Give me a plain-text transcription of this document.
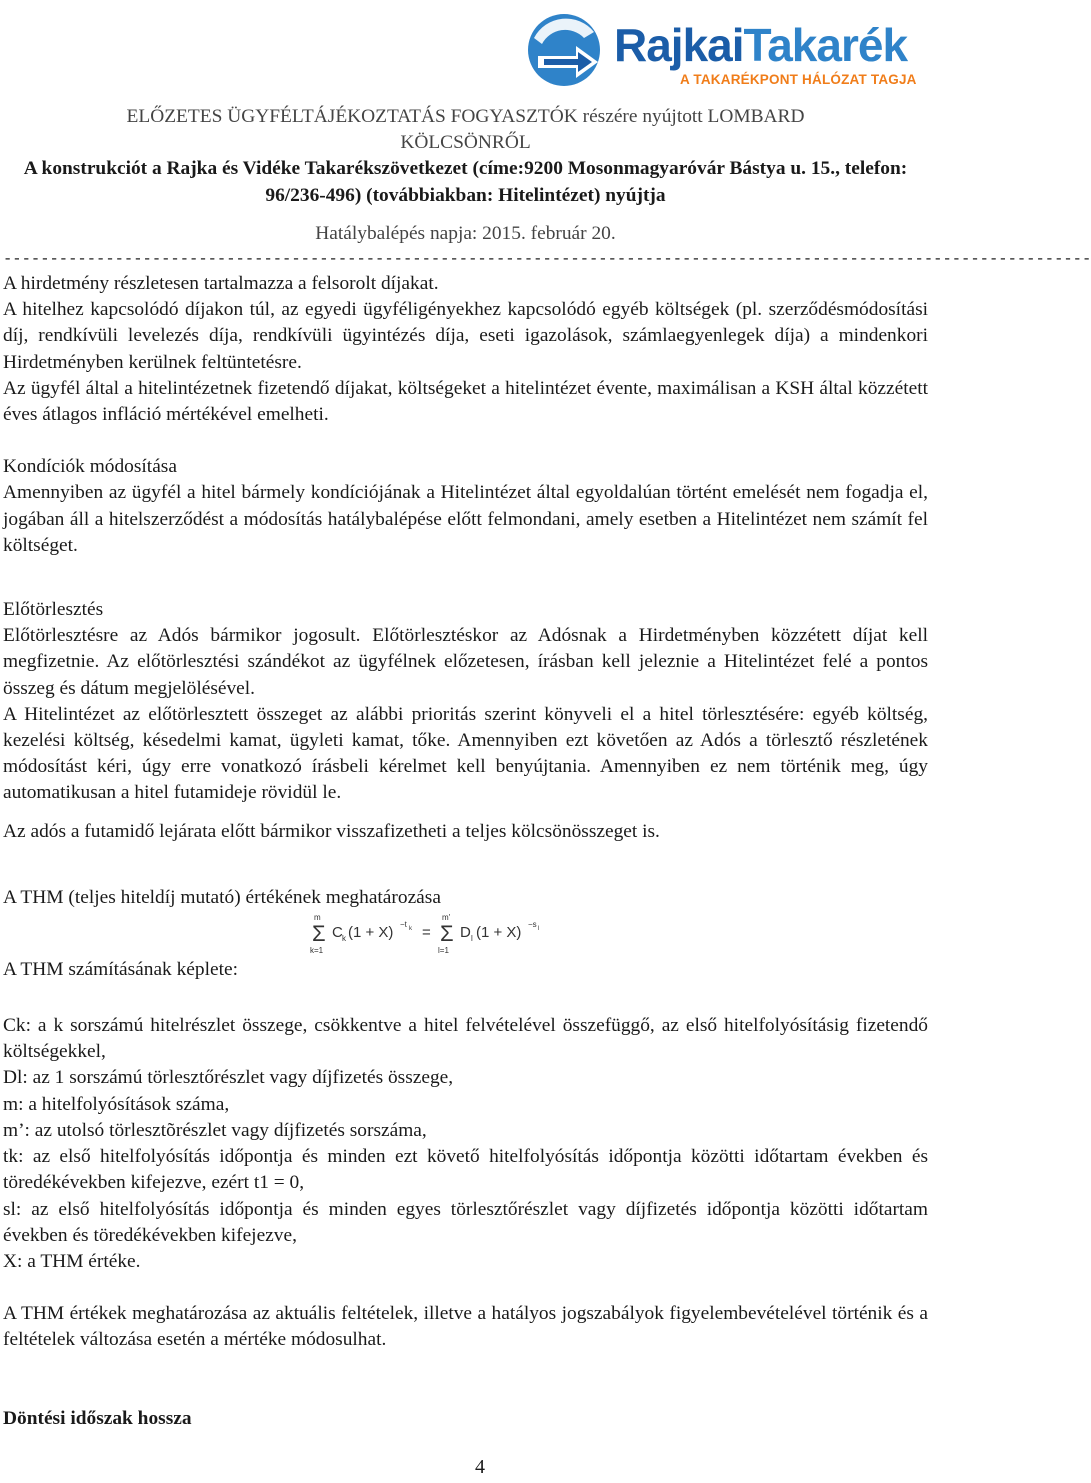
RajkaiTakarék
A TAKARÉKPONT HÁLÓZAT TAGJA

ELŐZETES ÜGYFÉLTÁJÉKOZTATÁS FOGYASZTÓK részére nyújtott LOMBARD

KÖLCSÖNRŐL

A konstrukciót a Rajka és Vidéke Takarékszövetkezet (címe:9200 Mosonmagyaróvár Bástya u. 15., telefon: 96/236-496) (továbbiakban: Hitelintézet) nyújtja

Hatálybalépés napja: 2015. február 20.

---------------------------------------------------------------------------------------------------------------------

A hirdetmény részletesen tartalmazza a felsorolt díjakat.

A hitelhez kapcsolódó díjakon túl, az egyedi ügyféligényekhez kapcsolódó egyéb költségek (pl. szerződésmódosítási díj, rendkívüli levelezés díja, rendkívüli ügyintézés díja, eseti igazolások, számlaegyenlegek díja) a mindenkori Hirdetményben kerülnek feltüntetésre.

Az ügyfél által a hitelintézetnek fizetendő díjakat, költségeket a hitelintézet évente, maximálisan a KSH által közzétett éves átlagos infláció mértékével emelheti.

Kondíciók módosítása

Amennyiben az ügyfél a hitel bármely kondíciójának a Hitelintézet által egyoldalúan történt emelését nem fogadja el, jogában áll a hitelszerződést a módosítás hatálybalépése előtt felmondani, amely esetben a Hitelintézet nem számít fel költséget.

Előtörlesztés

Előtörlesztésre az Adós bármikor jogosult. Előtörlesztéskor az Adósnak a Hirdetményben közzétett díjat kell megfizetnie. Az előtörlesztési szándékot az ügyfélnek előzetesen, írásban kell jeleznie a Hitelintézet felé a pontos összeg és dátum megjelölésével.

A Hitelintézet az előtörlesztett összeget az alábbi prioritás szerint könyveli el a hitel törlesztésére: egyéb költség, kezelési költség, késedelmi kamat, ügyleti kamat, tőke. Amennyiben ezt követően az Adós a törlesztő részletének módosítást kéri, úgy erre vonatkozó írásbeli kérelmet kell benyújtania. Amennyiben ez nem történik meg, úgy automatikusan a hitel futamideje rövidül le.

Az adós a futamidő lejárata előtt bármikor visszafizetheti a teljes kölcsönösszeget is.

A THM (teljes hiteldíj mutató) értékének meghatározása

A THM számításának képlete:
m
Σ
k=1
C k (1 + X) −t k =
m'
Σ
l=1
D l (1 + X) −s l

Ck: a k sorszámú hitelrészlet összege, csökkentve a hitel felvételével összefüggő, az első hitelfolyósításig fizetendő költségekkel,

Dl: az 1 sorszámú törlesztőrészlet vagy díjfizetés összege,

m: a hitelfolyósítások száma,

m’: az utolsó törlesztõrészlet vagy díjfizetés sorszáma,

tk: az első hitelfolyósítás időpontja és minden ezt követő hitelfolyósítás időpontja közötti időtartam években és töredékévekben kifejezve, ezért t1 = 0,

sl: az első hitelfolyósítás időpontja és minden egyes törlesztőrészlet vagy díjfizetés időpontja közötti időtartam években és töredékévekben kifejezve,

X: a THM értéke.

A THM értékek meghatározása az aktuális feltételek, illetve a hatályos jogszabályok figyelembevételével történik és a feltételek változása esetén a mértéke módosulhat.

Döntési időszak hossza

4
